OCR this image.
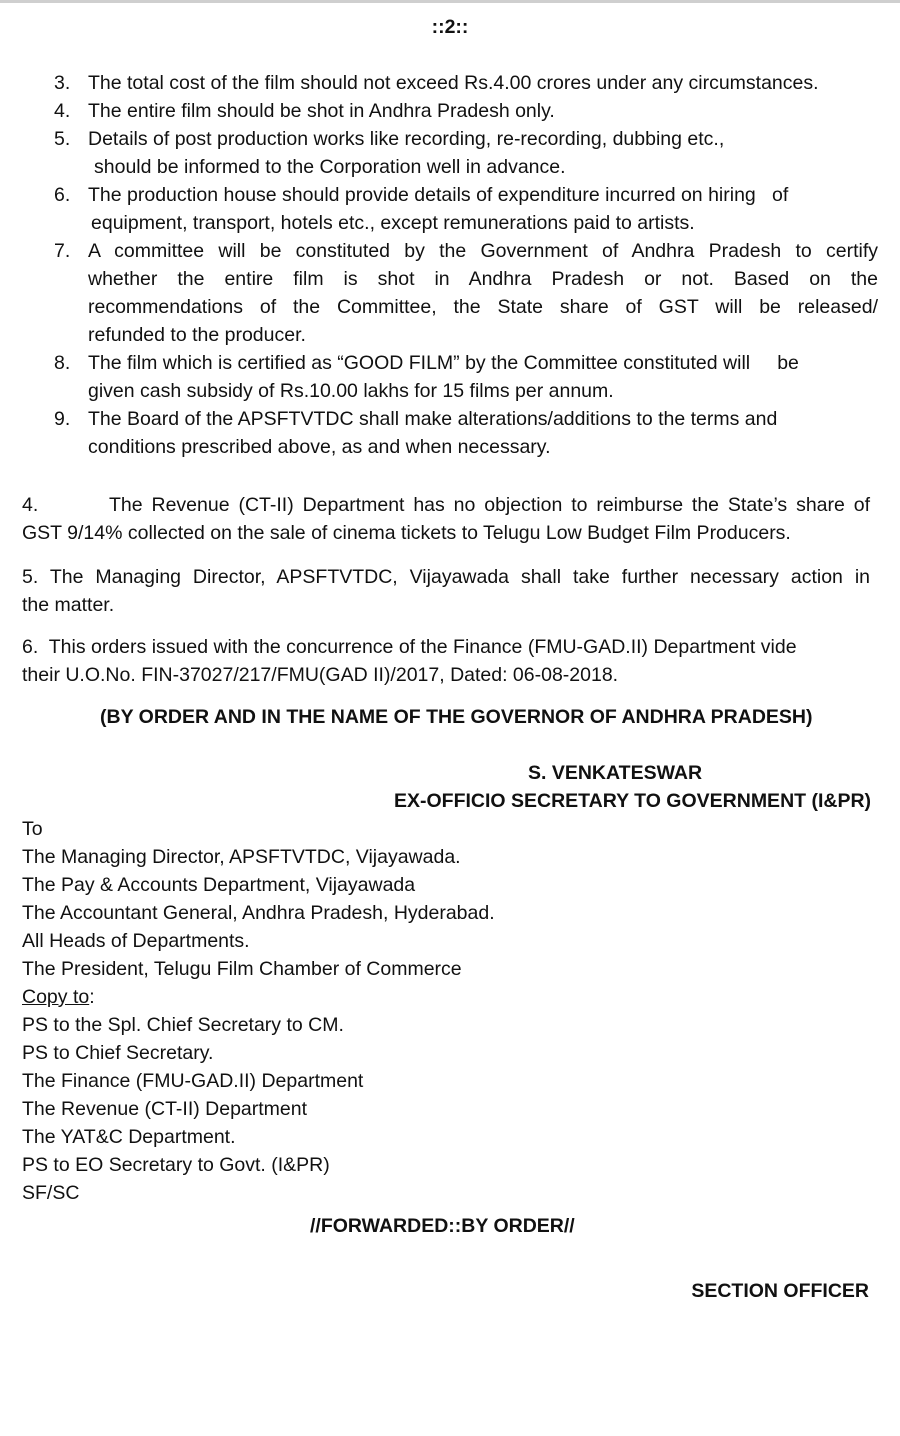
::2::
3. The total cost of the film should not exceed Rs.4.00 crores under any circumstances.
4. The entire film should be shot in Andhra Pradesh only.
5. Details of post production works like recording, re-recording, dubbing etc.,
should be informed to the Corporation well in advance.
6. The production house should provide details of expenditure incurred on hiring   of
equipment, transport, hotels etc., except remunerations paid to artists.
7. A committee will be constituted by the Government of Andhra Pradesh to certify
whether the entire film is shot in Andhra Pradesh or not. Based on the
recommendations of the Committee, the State share of GST will be released/
refunded to the producer.
8. The film which is certified as “GOOD FILM” by the Committee constituted will     be
given cash subsidy of Rs.10.00 lakhs for 15 films per annum.
9. The Board of the APSFTVTDC shall make alterations/additions to the terms and
conditions prescribed above, as and when necessary.
4.        The Revenue (CT-II) Department has no objection to reimburse the State’s share of
GST 9/14% collected on the sale of cinema tickets to Telugu Low Budget Film Producers.
5. The Managing Director, APSFTVTDC, Vijayawada shall take further necessary action in
the matter.
6.  This orders issued with the concurrence of the Finance (FMU-GAD.II) Department vide
their U.O.No. FIN-37027/217/FMU(GAD II)/2017, Dated: 06-08-2018.
(BY ORDER AND IN THE NAME OF THE GOVERNOR OF ANDHRA PRADESH)
S. VENKATESWAR
EX-OFFICIO SECRETARY TO GOVERNMENT (I&PR)
To
The Managing Director, APSFTVTDC, Vijayawada.
The Pay & Accounts Department, Vijayawada
The Accountant General, Andhra Pradesh, Hyderabad.
All Heads of Departments.
The President, Telugu Film Chamber of Commerce
Copy to:
PS to the Spl. Chief Secretary to CM.
PS to Chief Secretary.
The Finance (FMU-GAD.II) Department
The Revenue (CT-II) Department
The YAT&C Department.
PS to EO Secretary to Govt. (I&PR)
SF/SC
//FORWARDED::BY ORDER//
SECTION OFFICER
